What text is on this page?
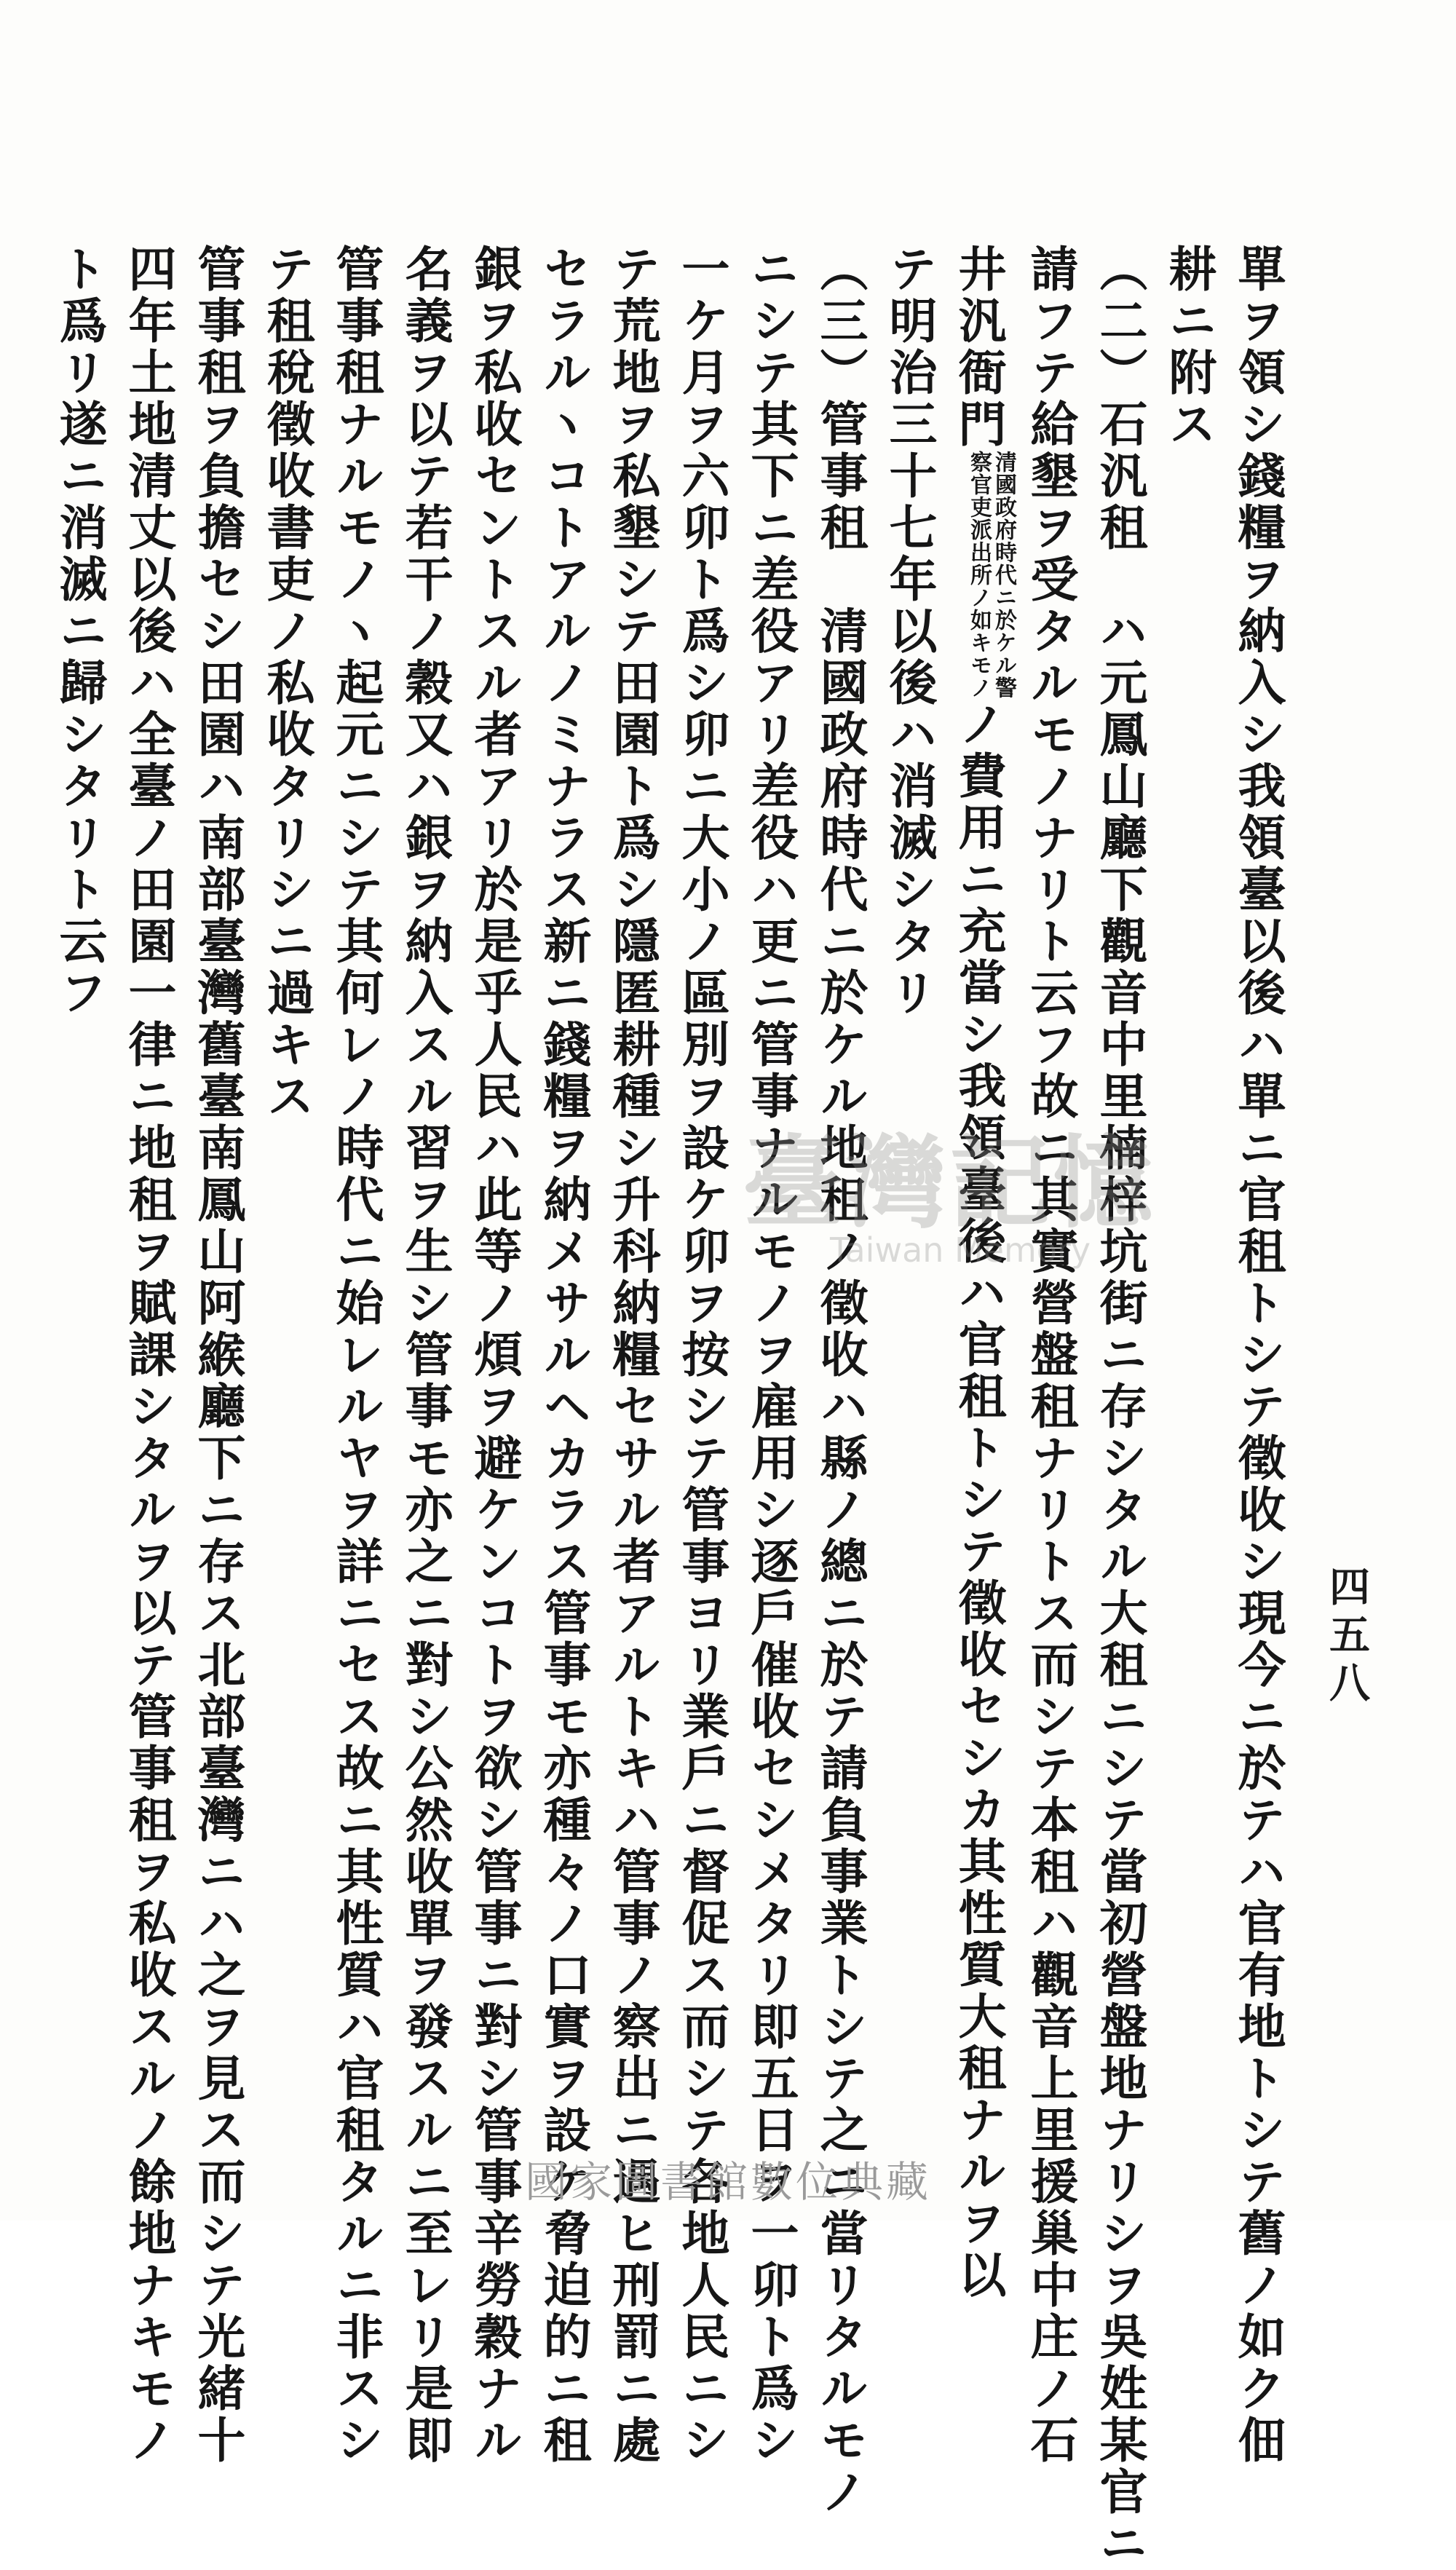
四五八
單ヲ領シ錢糧ヲ納入シ我領臺以後ハ單ニ官租トシテ徵收シ現今ニ於テハ官有地トシテ舊ノ如ク佃
耕ニ附ス
（二）石汎租　ハ元鳳山廳下觀音中里楠梓坑街ニ存シタル大租ニシテ當初營盤地ナリシヲ吳姓某官ニ
請フテ給墾ヲ受タルモノナリト云フ故ニ其實營盤租ナリトス而シテ本租ハ觀音上里援巢中庄ノ石
井汎衙門
清國政府時代ニ於ケル警
察官吏派出所ノ如キモノ
ノ費用ニ充當シ我領臺後ハ官租トシテ徵收セシカ其性質大租ナルヲ以
テ明治三十七年以後ハ消滅シタリ
（三）管事租　清國政府時代ニ於ケル地租ノ徵收ハ縣ノ總ニ於テ請負事業トシテ之ニ當リタルモノ
ニシテ其下ニ差役アリ差役ハ更ニ管事ナルモノヲ雇用シ逐戶催收セシメタリ即五日ヲ一卯ト爲シ
一ケ月ヲ六卯ト爲シ卯ニ大小ノ區別ヲ設ケ卯ヲ按シテ管事ヨリ業戶ニ督促ス而シテ各地人民ニシ
テ荒地ヲ私墾シテ田園ト爲シ隱匿耕種シ升科納糧セサル者アルトキハ管事ノ察出ニ遇ヒ刑罰ニ處
セラルヽコトアルノミナラス新ニ錢糧ヲ納メサルヘカラス管事モ亦種々ノ口實ヲ設ケ脅迫的ニ租
銀ヲ私收セントスル者アリ於是乎人民ハ此等ノ煩ヲ避ケンコトヲ欲シ管事ニ對シ管事辛勞穀ナル
名義ヲ以テ若干ノ穀又ハ銀ヲ納入スル習ヲ生シ管事モ亦之ニ對シ公然收單ヲ發スルニ至レリ是即
管事租ナルモノヽ起元ニシテ其何レノ時代ニ始レルヤヲ詳ニセス故ニ其性質ハ官租タルニ非スシ
テ租稅徵收書吏ノ私收タリシニ過キス
管事租ヲ負擔セシ田園ハ南部臺灣舊臺南鳳山阿緱廳下ニ存ス北部臺灣ニハ之ヲ見ス而シテ光緒十
四年土地清丈以後ハ全臺ノ田園一律ニ地租ヲ賦課シタルヲ以テ管事租ヲ私收スルノ餘地ナキモノ
ト爲リ遂ニ消滅ニ歸シタリト云フ
臺灣記憶
Taiwan Memory
國家圖書館數位典藏
